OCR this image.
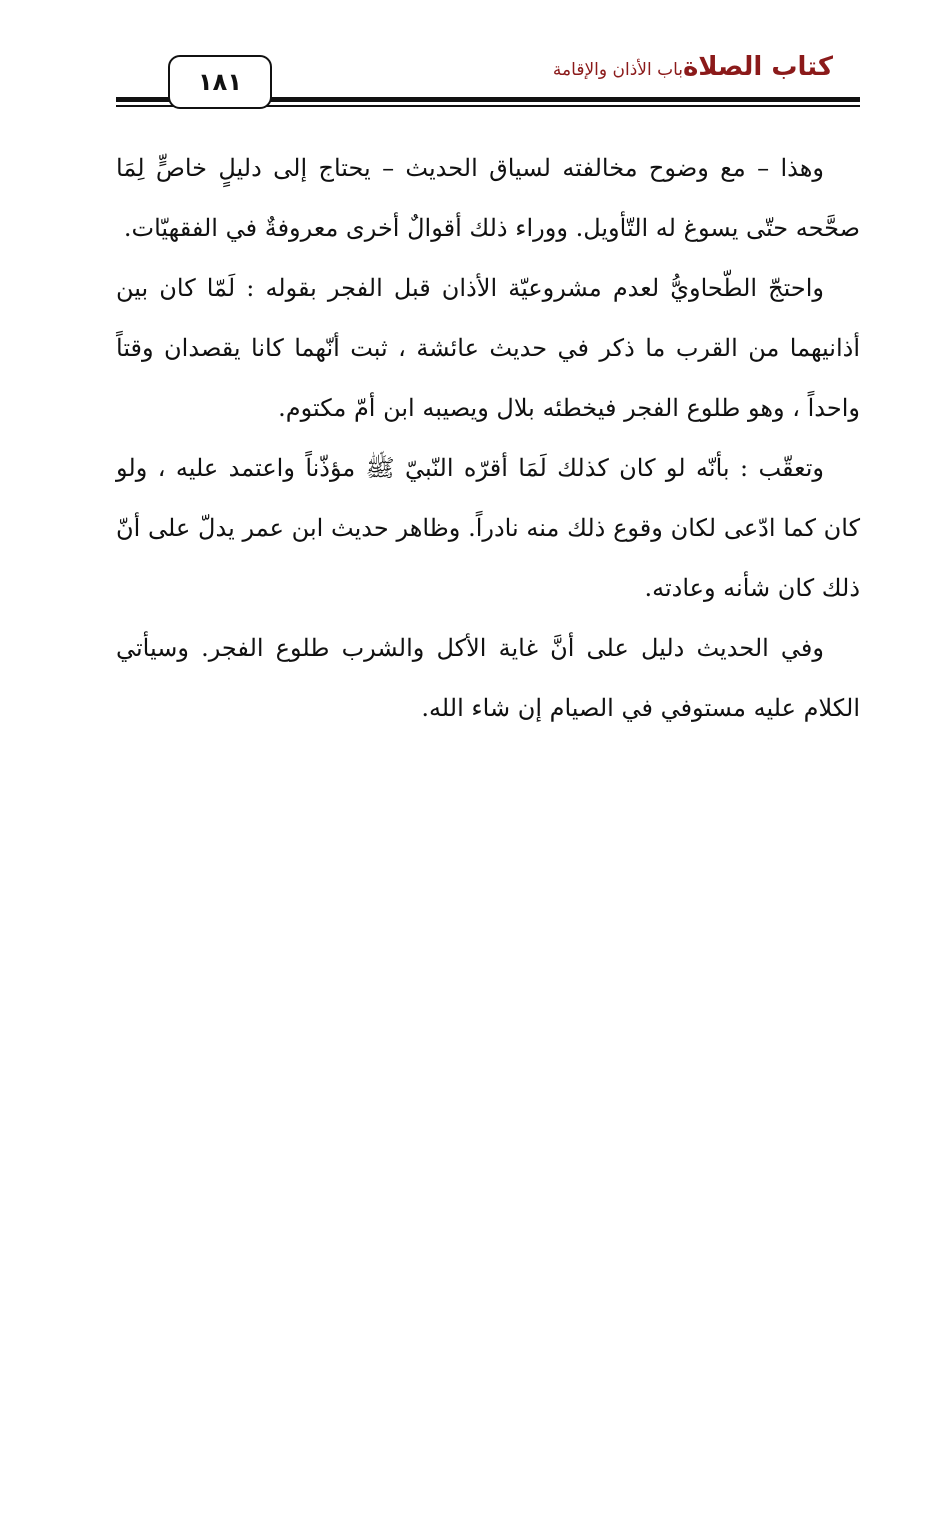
كتاب الصلاة
باب الأذان والإقامة
١٨١

وهذا – مع وضوح مخالفته لسياق الحديث – يحتاج إلى دليلٍ خاصٍّ لِمَا صحَّحه حتّى يسوغ له التّأويل. ووراء ذلك أقوالٌ أخرى معروفةٌ في الفقهيّات.

واحتجّ الطّحاويُّ لعدم مشروعيّة الأذان قبل الفجر بقوله : لَمّا كان بين أذانيهما من القرب ما ذكر في حديث عائشة ، ثبت أنّهما كانا يقصدان وقتاً واحداً ، وهو طلوع الفجر فيخطئه بلال ويصيبه ابن أمّ مكتوم.

وتعقّب : بأنّه لو كان كذلك لَمَا أقرّه النّبيّ ﷺ مؤذّناً واعتمد عليه ، ولو كان كما ادّعى لكان وقوع ذلك منه نادراً. وظاهر حديث ابن عمر يدلّ على أنّ ذلك كان شأنه وعادته.

وفي الحديث دليل على أنَّ غاية الأكل والشرب طلوع الفجر. وسيأتي الكلام عليه مستوفي في الصيام إن شاء الله.
